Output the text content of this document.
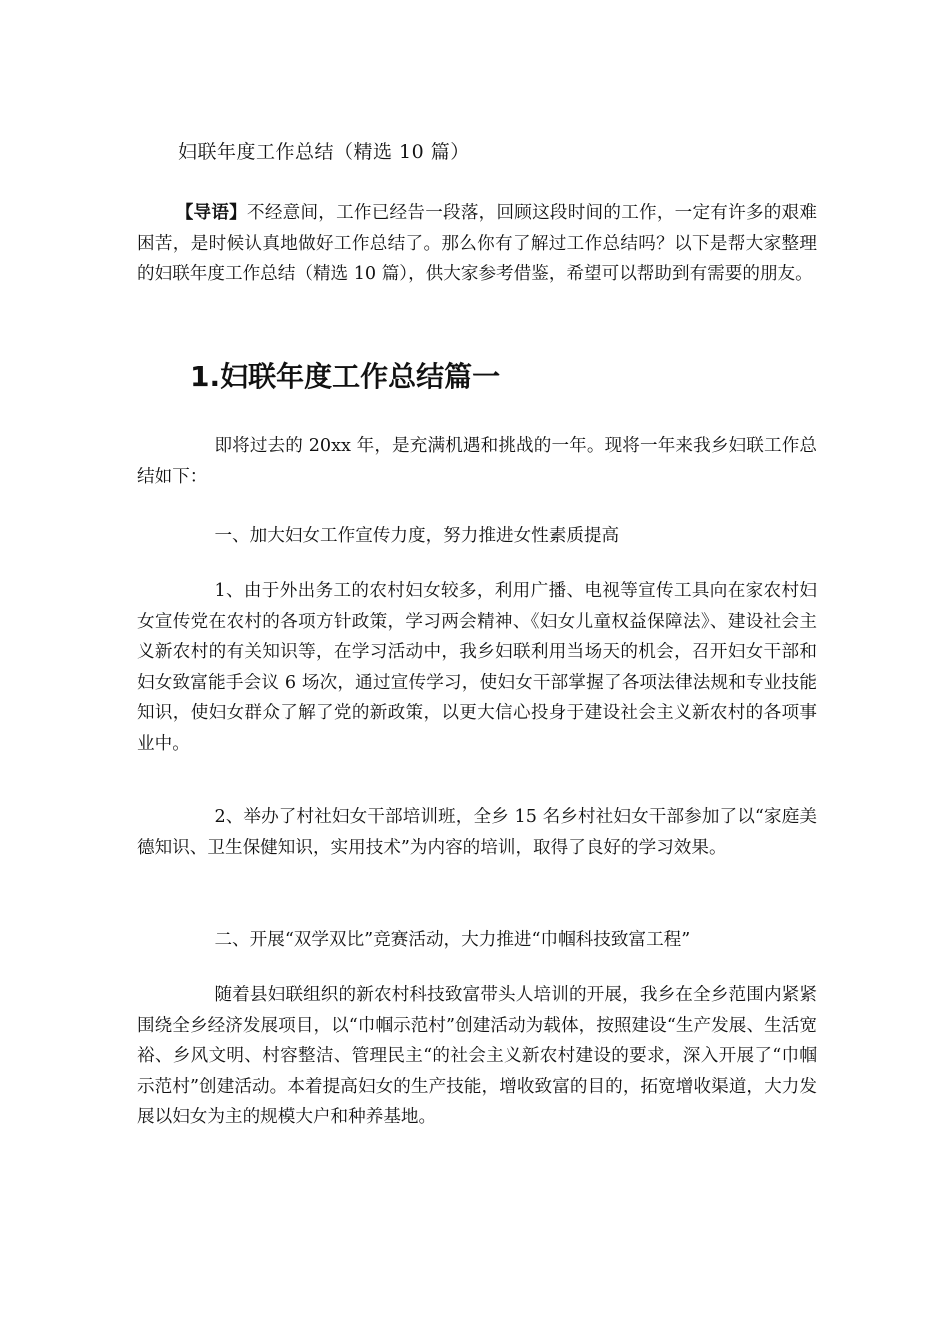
妇联年度工作总结（精选 10 篇）

【导语】不经意间，工作已经告一段落，回顾这段时间的工作，一定有许多的艰难困苦，是时候认真地做好工作总结了。那么你有了解过工作总结吗？以下是帮大家整理的妇联年度工作总结（精选 10 篇），供大家参考借鉴，希望可以帮助到有需要的朋友。

1.妇联年度工作总结篇一

即将过去的 20xx 年，是充满机遇和挑战的一年。现将一年来我乡妇联工作总结如下：

一、加大妇女工作宣传力度，努力推进女性素质提高

1、由于外出务工的农村妇女较多，利用广播、电视等宣传工具向在家农村妇女宣传党在农村的各项方针政策，学习两会精神、《妇女儿童权益保障法》、建设社会主义新农村的有关知识等，在学习活动中，我乡妇联利用当场天的机会，召开妇女干部和妇女致富能手会议 6 场次，通过宣传学习，使妇女干部掌握了各项法律法规和专业技能知识，使妇女群众了解了党的新政策，以更大信心投身于建设社会主义新农村的各项事业中。

2、举办了村社妇女干部培训班，全乡 15 名乡村社妇女干部参加了以“家庭美德知识、卫生保健知识，实用技术”为内容的培训，取得了良好的学习效果。

二、开展“双学双比”竞赛活动，大力推进“巾帼科技致富工程”

随着县妇联组织的新农村科技致富带头人培训的开展，我乡在全乡范围内紧紧围绕全乡经济发展项目，以“巾帼示范村”创建活动为载体，按照建设“生产发展、生活宽裕、乡风文明、村容整洁、管理民主“的社会主义新农村建设的要求，深入开展了“巾帼示范村”创建活动。本着提高妇女的生产技能，增收致富的目的，拓宽增收渠道，大力发展以妇女为主的规模大户和种养基地。
